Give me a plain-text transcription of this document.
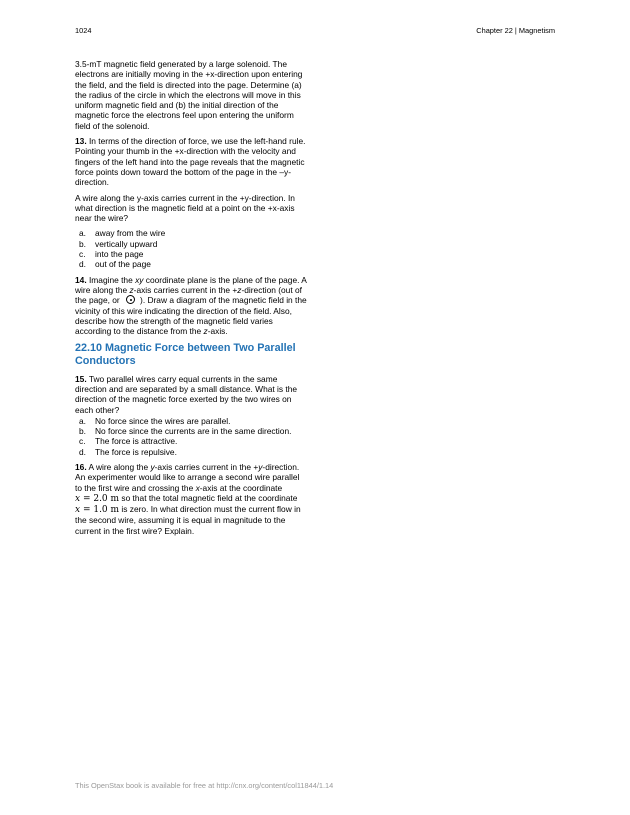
1024	Chapter 22 | Magnetism

3.5-mT magnetic field generated by a large solenoid. The electrons are initially moving in the +x-direction upon entering the field, and the field is directed into the page. Determine (a) the radius of the circle in which the electrons will move in this uniform magnetic field and (b) the initial direction of the magnetic force the electrons feel upon entering the uniform field of the solenoid.

13. In terms of the direction of force, we use the left-hand rule. Pointing your thumb in the +x-direction with the velocity and fingers of the left hand into the page reveals that the magnetic force points down toward the bottom of the page in the –y-direction.

A wire along the y-axis carries current in the +y-direction. In what direction is the magnetic field at a point on the +x-axis near the wire?

a. away from the wire
b. vertically upward
c. into the page
d. out of the page

14. Imagine the xy coordinate plane is the plane of the page. A wire along the z-axis carries current in the +z-direction (out of the page, or ). Draw a diagram of the magnetic field in the vicinity of this wire indicating the direction of the field. Also, describe how the strength of the magnetic field varies according to the distance from the z-axis.

22.10 Magnetic Force between Two Parallel Conductors

15. Two parallel wires carry equal currents in the same direction and are separated by a small distance. What is the direction of the magnetic force exerted by the two wires on each other?

a. No force since the wires are parallel.
b. No force since the currents are in the same direction.
c. The force is attractive.
d. The force is repulsive.

16. A wire along the y-axis carries current in the +y-direction. An experimenter would like to arrange a second wire parallel to the first wire and crossing the x-axis at the coordinate
x = 2.0 m so that the total magnetic field at the coordinate
x = 1.0 m is zero. In what direction must the current flow in the second wire, assuming it is equal in magnitude to the current in the first wire? Explain.

This OpenStax book is available for free at http://cnx.org/content/col11844/1.14
